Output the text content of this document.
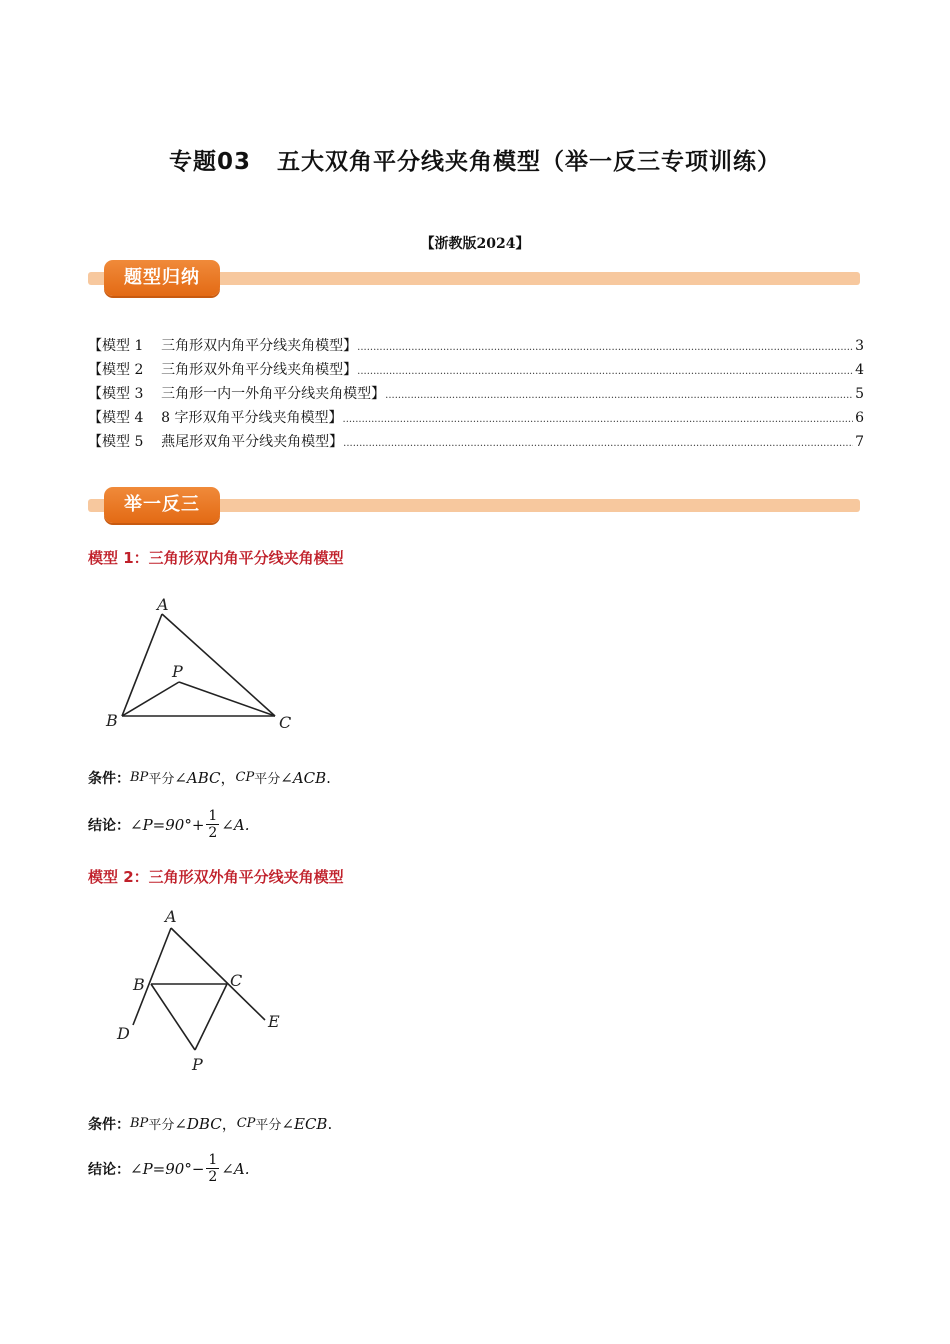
专题03 五大双角平分线夹角模型（举一反三专项训练）
【浙教版2024】
题型归纳
【模型 1    三角形双内角平分线夹角模型】 .....	3
【模型 2    三角形双外角平分线夹角模型】 .....	4
【模型 3    三角形一内一外角平分线夹角模型】 .....	5
【模型 4    8 字形双角平分线夹角模型】 .....	6
【模型 5    燕尾形双角平分线夹角模型】 .....	7
举一反三
模型 1：三角形双内角平分线夹角模型
A
B	C
P
条件： BP 平分 ∠ABC ， CP 平分 ∠ACB .
结论： ∠P=90°+ $\frac{1}{2}$ ∠A.
模型 2：三角形双外角平分线夹角模型
A
B	C
D
E
P
条件： BP 平分 ∠DBC ， CP 平分 ∠ECB .
结论： ∠P=90°− $\frac{1}{2}$ ∠A.
